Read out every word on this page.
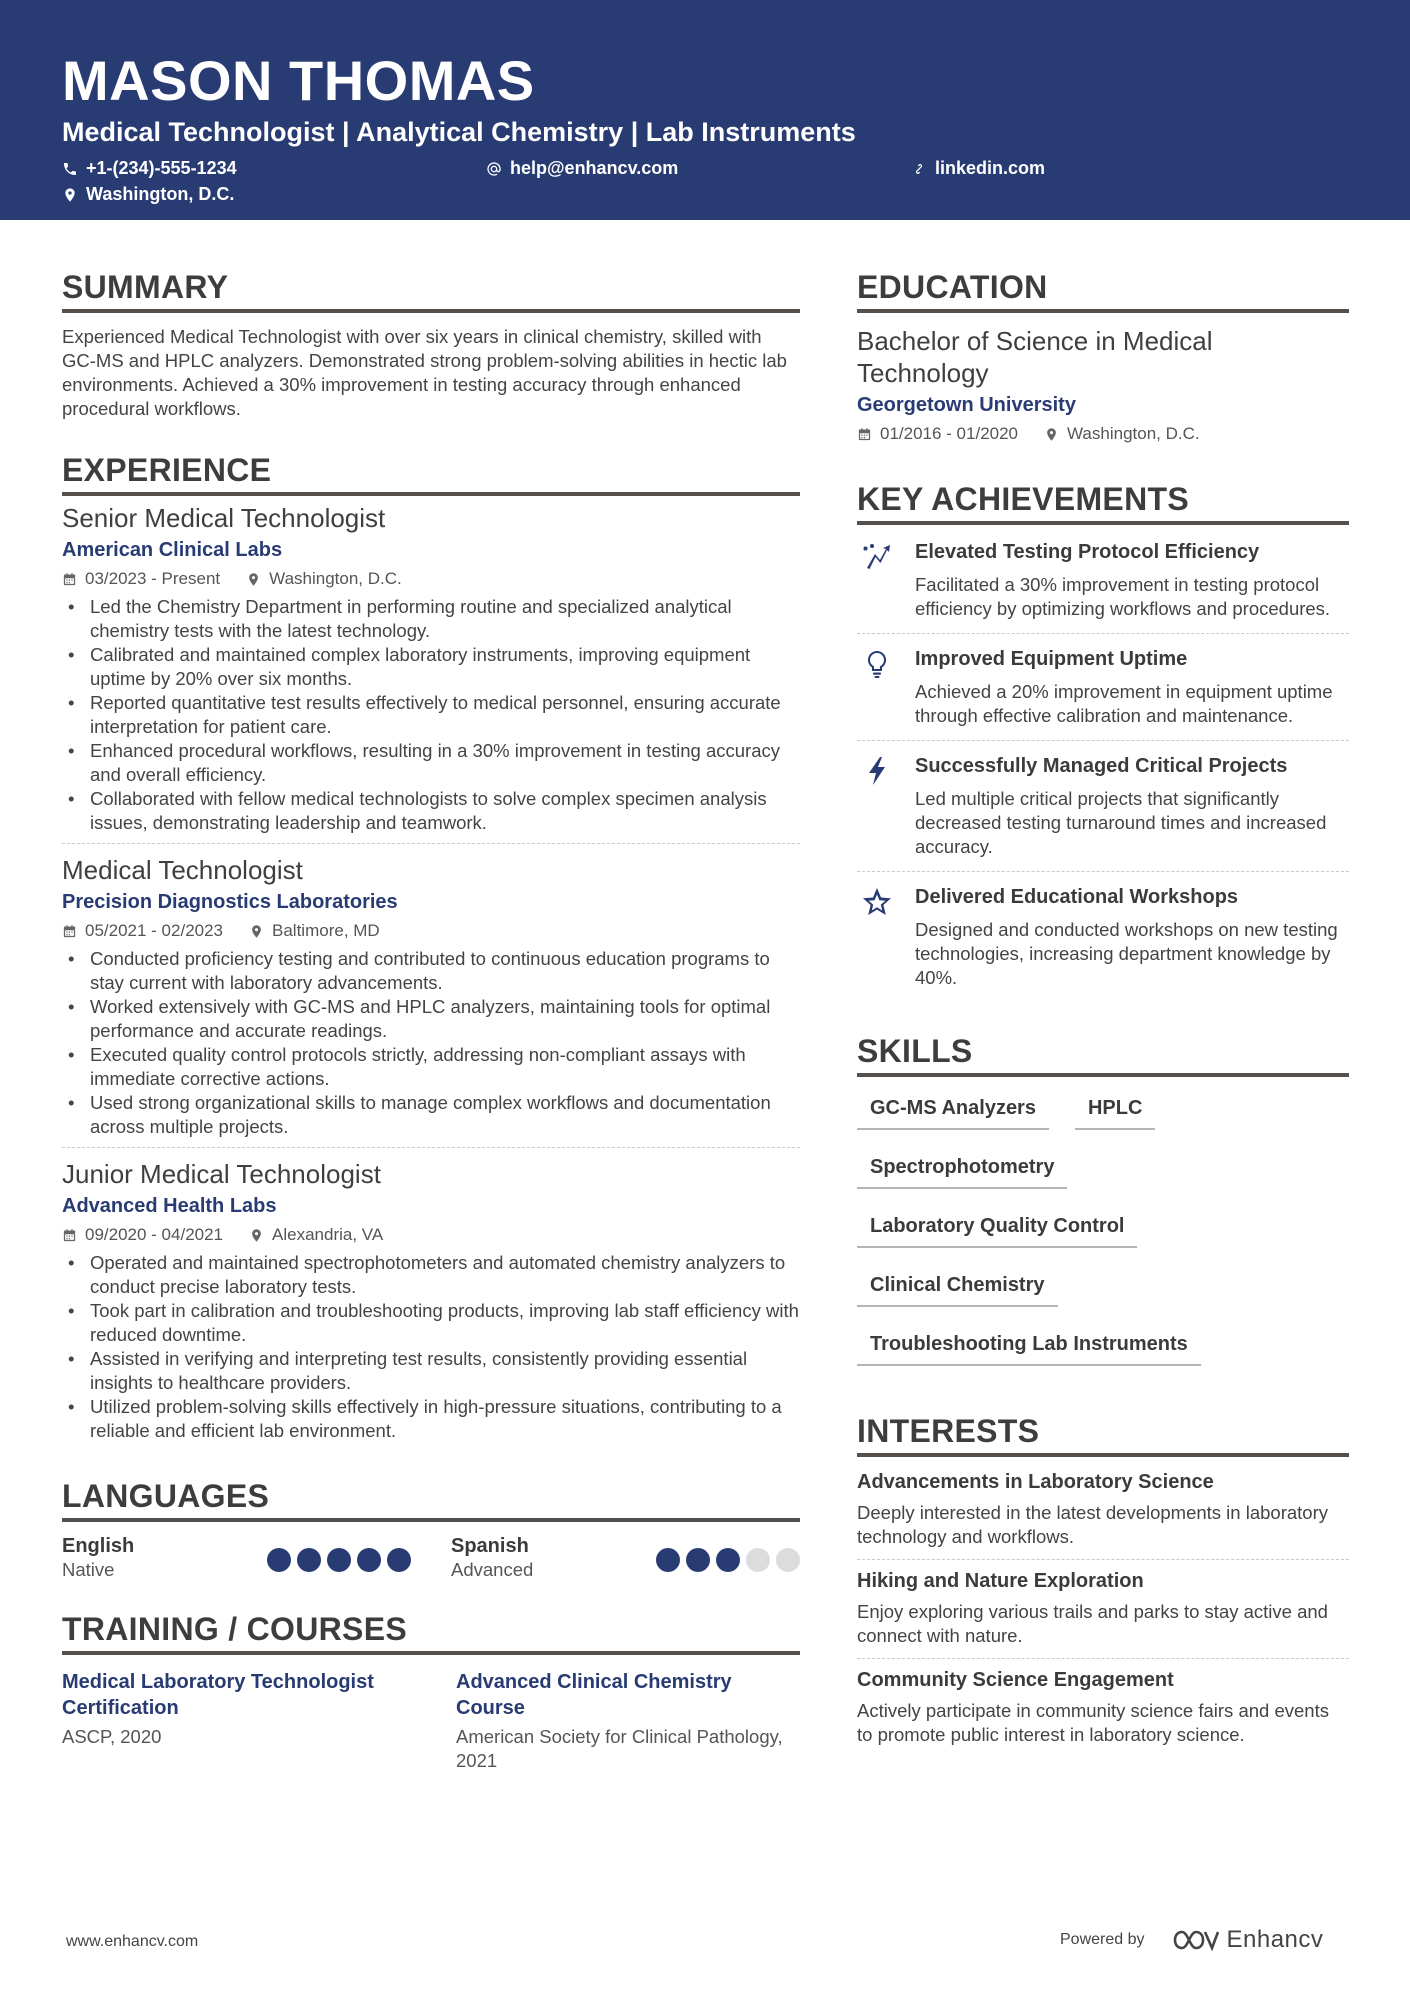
MASON THOMAS
Medical Technologist | Analytical Chemistry | Lab Instruments
+1-(234)-555-1234	help@enhancv.com	linkedin.com
Washington, D.C.
SUMMARY

Experienced Medical Technologist with over six years in clinical chemistry, skilled with GC-MS and HPLC analyzers. Demonstrated strong problem-solving abilities in hectic lab environments. Achieved a 30% improvement in testing accuracy through enhanced procedural workflows.

EXPERIENCE
Senior Medical Technologist
American Clinical Labs
03/2023 - Present	Washington, D.C.
• Led the Chemistry Department in performing routine and specialized analytical chemistry tests with the latest technology.
• Calibrated and maintained complex laboratory instruments, improving equipment uptime by 20% over six months.
• Reported quantitative test results effectively to medical personnel, ensuring accurate interpretation for patient care.
• Enhanced procedural workflows, resulting in a 30% improvement in testing accuracy and overall efficiency.
• Collaborated with fellow medical technologists to solve complex specimen analysis issues, demonstrating leadership and teamwork.
Medical Technologist
Precision Diagnostics Laboratories
05/2021 - 02/2023	Baltimore, MD
• Conducted proficiency testing and contributed to continuous education programs to stay current with laboratory advancements.
• Worked extensively with GC-MS and HPLC analyzers, maintaining tools for optimal performance and accurate readings.
• Executed quality control protocols strictly, addressing non-compliant assays with immediate corrective actions.
• Used strong organizational skills to manage complex workflows and documentation across multiple projects.
Junior Medical Technologist
Advanced Health Labs
09/2020 - 04/2021	Alexandria, VA
• Operated and maintained spectrophotometers and automated chemistry analyzers to conduct precise laboratory tests.
• Took part in calibration and troubleshooting products, improving lab staff efficiency with reduced downtime.
• Assisted in verifying and interpreting test results, consistently providing essential insights to healthcare providers.
• Utilized problem-solving skills effectively in high-pressure situations, contributing to a reliable and efficient lab environment.
LANGUAGES
English
Native
Spanish
Advanced
TRAINING / COURSES
Medical Laboratory Technologist Certification
ASCP, 2020
Advanced Clinical Chemistry Course
American Society for Clinical Pathology, 2021
EDUCATION
Bachelor of Science in Medical Technology
Georgetown University
01/2016 - 01/2020	Washington, D.C.
KEY ACHIEVEMENTS
Elevated Testing Protocol Efficiency
Facilitated a 30% improvement in testing protocol efficiency by optimizing workflows and procedures.
Improved Equipment Uptime
Achieved a 20% improvement in equipment uptime through effective calibration and maintenance.
Successfully Managed Critical Projects
Led multiple critical projects that significantly decreased testing turnaround times and increased accuracy.
Delivered Educational Workshops
Designed and conducted workshops on new testing technologies, increasing department knowledge by 40%.
SKILLS
GC-MS Analyzers	HPLC
Spectrophotometry
Laboratory Quality Control
Clinical Chemistry
Troubleshooting Lab Instruments
INTERESTS
Advancements in Laboratory Science
Deeply interested in the latest developments in laboratory technology and workflows.
Hiking and Nature Exploration
Enjoy exploring various trails and parks to stay active and connect with nature.
Community Science Engagement
Actively participate in community science fairs and events to promote public interest in laboratory science.
www.enhancv.com	Powered by	Enhancv
